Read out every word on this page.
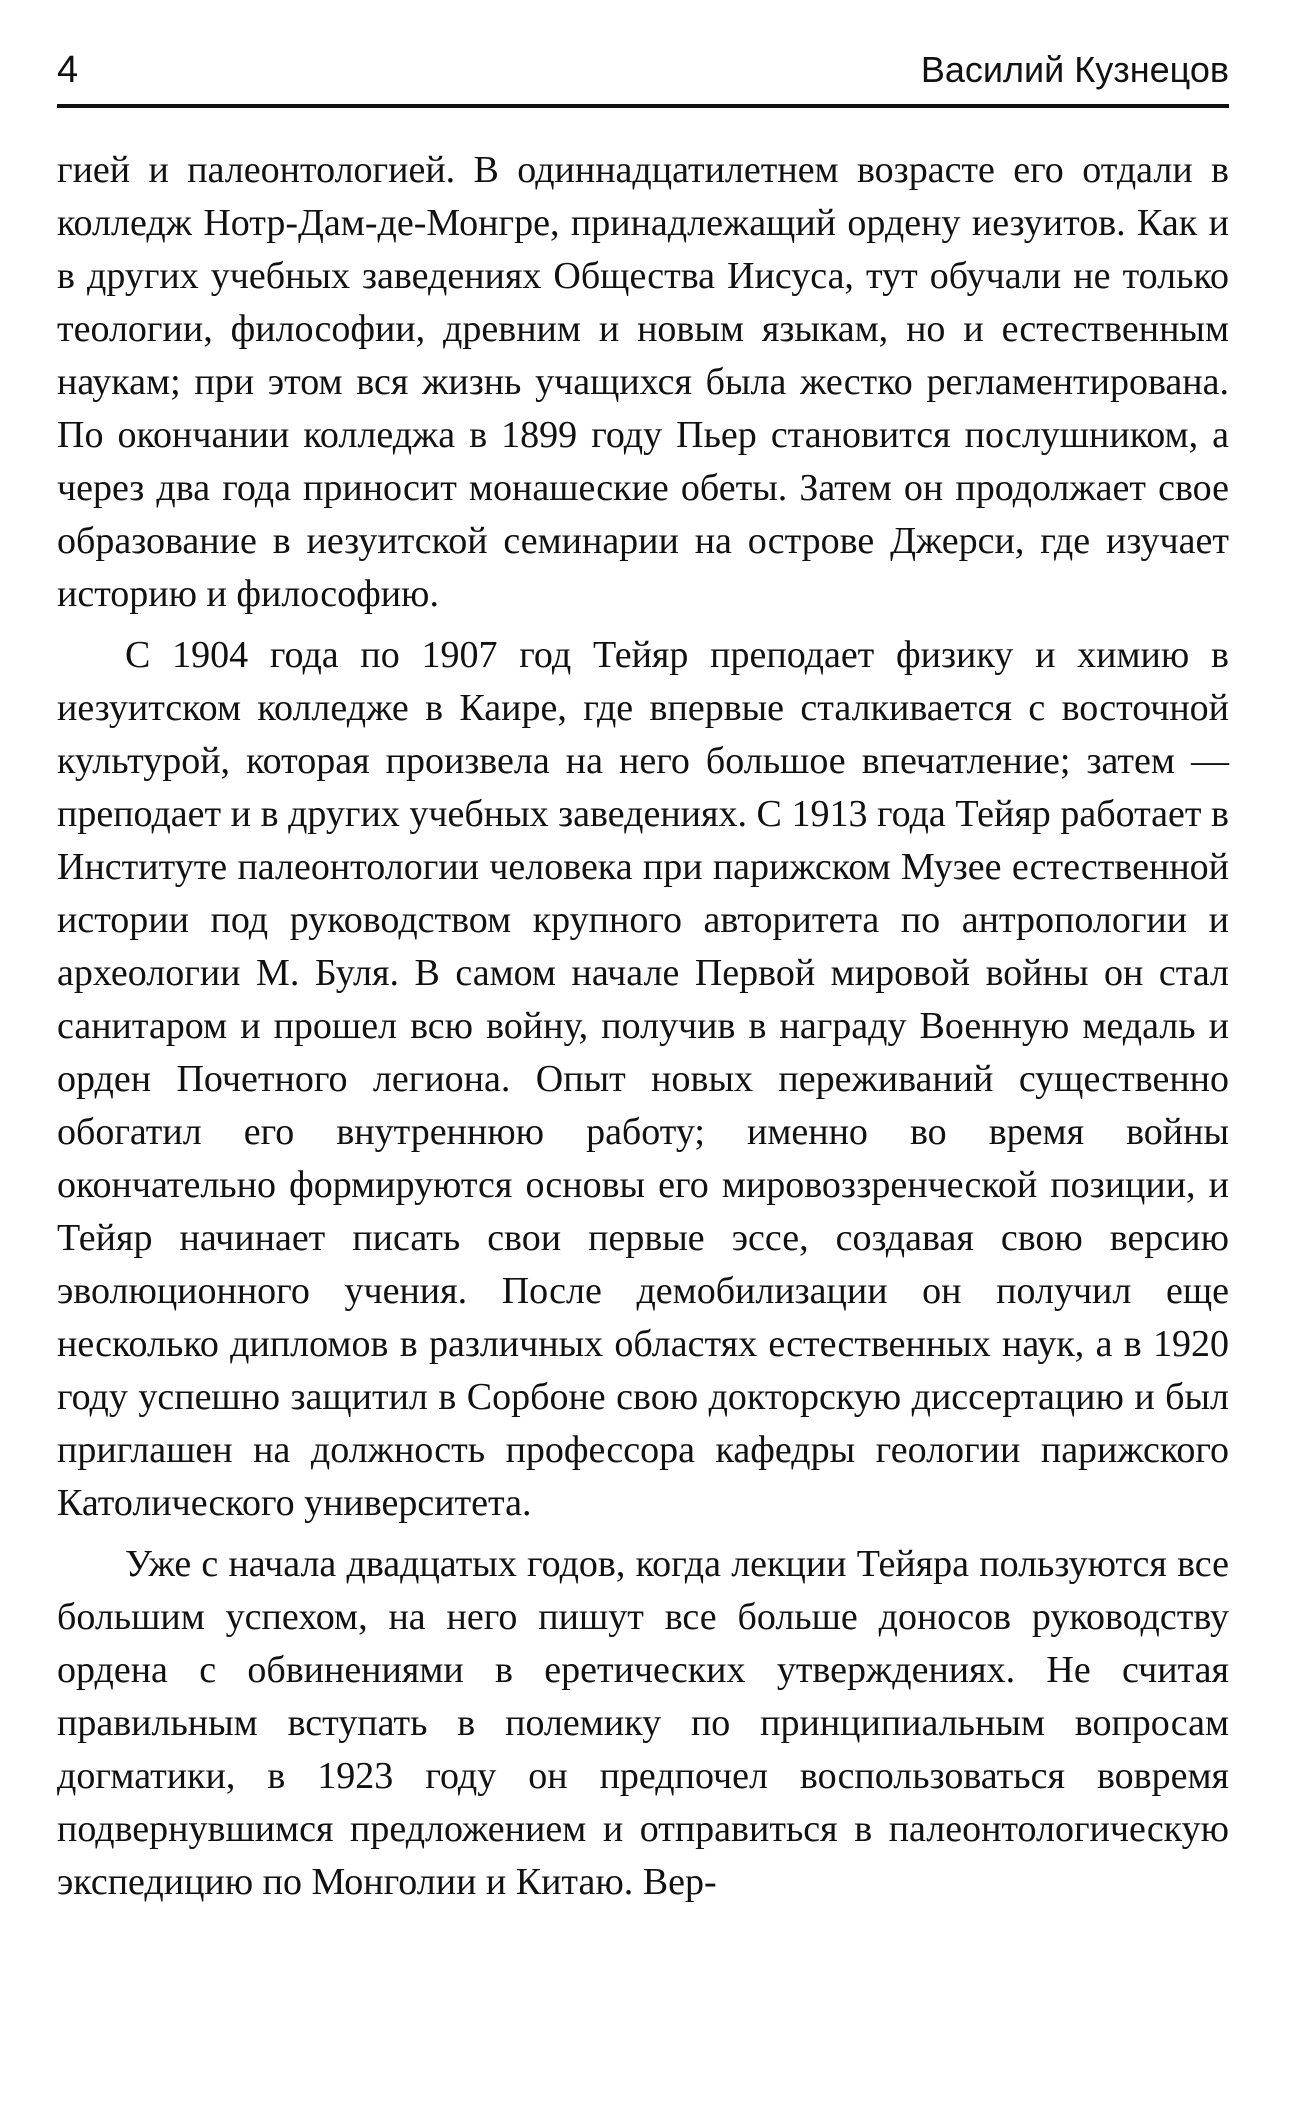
4	Василий Кузнецов

гией и палеонтологией. В одиннадцатилетнем возрасте его отдали в колледж Нотр-Дам-де-Монгре, принадлежащий ордену иезуитов. Как и в других учебных заведениях Общества Иисуса, тут обучали не только теологии, философии, древним и новым языкам, но и естественным наукам; при этом вся жизнь учащихся была жестко регламентирована. По окончании колледжа в 1899 году Пьер становится послушником, а через два года приносит монашеские обеты. Затем он продолжает свое образование в иезуитской семинарии на острове Джерси, где изучает историю и философию.

С 1904 года по 1907 год Тейяр преподает физику и химию в иезуитском колледже в Каире, где впервые сталкивается с восточной культурой, которая произвела на него большое впечатление; затем — преподает и в других учебных заведениях. С 1913 года Тейяр работает в Институте палеонтологии человека при парижском Музее естественной истории под руководством крупного авторитета по антропологии и археологии М. Буля. В самом начале Первой мировой войны он стал санитаром и прошел всю войну, получив в награду Военную медаль и орден Почетного легиона. Опыт новых переживаний существенно обогатил его внутреннюю работу; именно во время войны окончательно формируются основы его мировоззренческой позиции, и Тейяр начинает писать свои первые эссе, создавая свою версию эволюционного учения. После демобилизации он получил еще несколько дипломов в различных областях естественных наук, а в 1920 году успешно защитил в Сорбоне свою докторскую диссертацию и был приглашен на должность профессора кафедры геологии парижского Католического университета.

Уже с начала двадцатых годов, когда лекции Тейяра пользуются все большим успехом, на него пишут все больше доносов руководству ордена с обвинениями в еретических утверждениях. Не считая правильным вступать в полемику по принципиальным вопросам догматики, в 1923 году он предпочел воспользоваться вовремя подвернувшимся предложением и отправиться в палеонтологическую экспедицию по Монголии и Китаю. Вер-
